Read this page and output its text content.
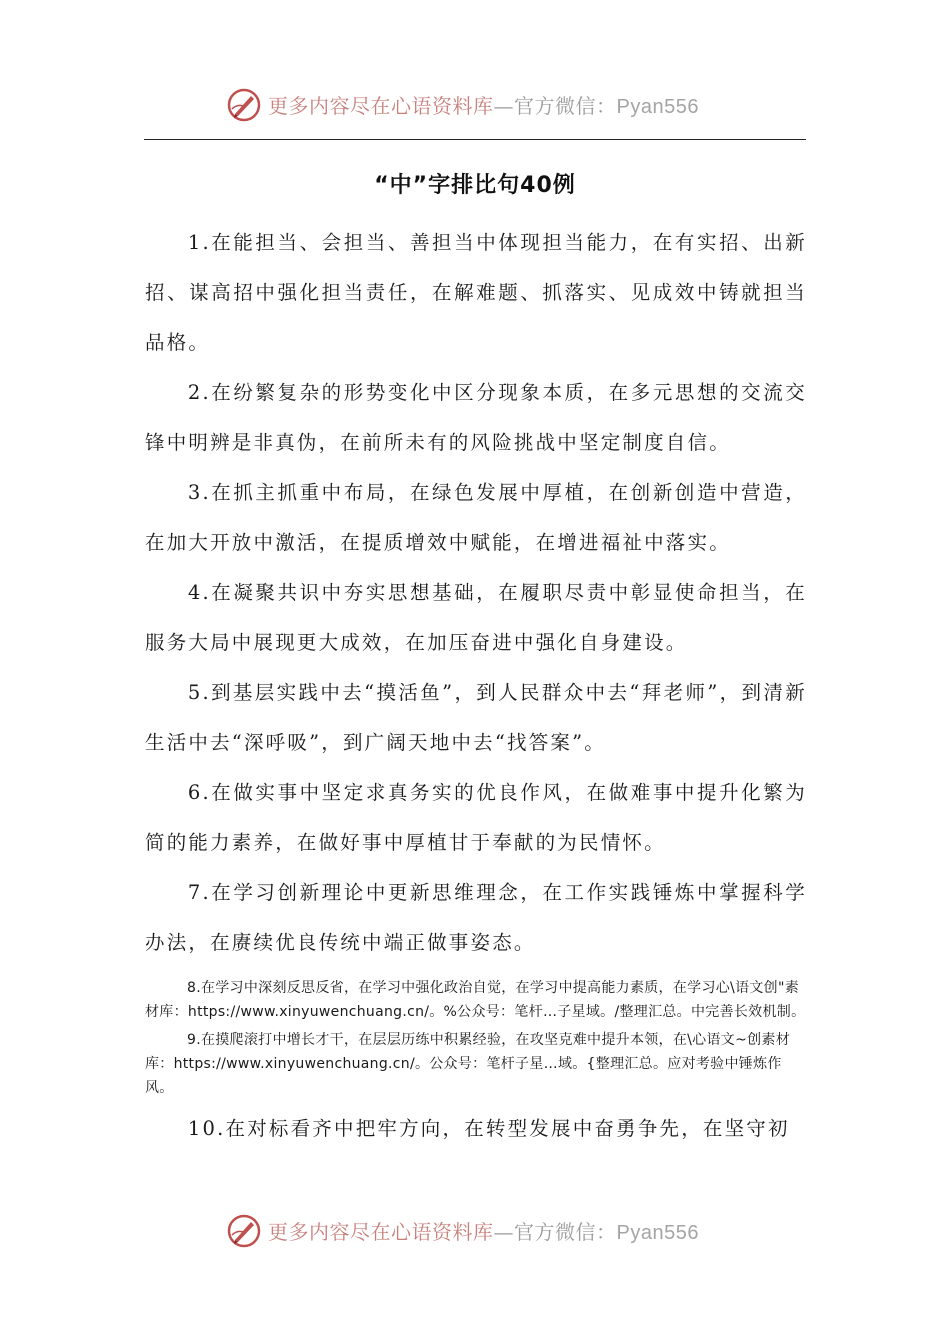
更多内容尽在心语资料库—官方微信：Pyan556
“中”字排比句40例

1.在能担当、会担当、善担当中体现担当能力，在有实招、出新招、谋高招中强化担当责任，在解难题、抓落实、见成效中铸就担当品格。

2.在纷繁复杂的形势变化中区分现象本质，在多元思想的交流交锋中明辨是非真伪，在前所未有的风险挑战中坚定制度自信。

3.在抓主抓重中布局，在绿色发展中厚植，在创新创造中营造，在加大开放中激活，在提质增效中赋能，在增进福祉中落实。

4.在凝聚共识中夯实思想基础，在履职尽责中彰显使命担当，在服务大局中展现更大成效，在加压奋进中强化自身建设。

5.到基层实践中去“摸活鱼”，到人民群众中去“拜老师”，到清新生活中去“深呼吸”，到广阔天地中去“找答案”。

6.在做实事中坚定求真务实的优良作风，在做难事中提升化繁为简的能力素养，在做好事中厚植甘于奉献的为民情怀。

7.在学习创新理论中更新思维理念，在工作实践锤炼中掌握科学办法，在赓续优良传统中端正做事姿态。

8.在学习中深刻反思反省，在学习中强化政治自觉，在学习中提高能力素质，在学习心\语文创"素材库：https://www.xinyuwenchuang.cn/。%公众号：笔杆…子星域。/整理汇总。中完善长效机制。

9.在摸爬滚打中增长才干，在层层历练中积累经验，在攻坚克难中提升本领，在\心语文~创素材库：https://www.xinyuwenchuang.cn/。公众号：笔杆子星…域。{整理汇总。应对考验中锤炼作风。

10.在对标看齐中把牢方向，在转型发展中奋勇争先，在坚守初

更多内容尽在心语资料库—官方微信：Pyan556
